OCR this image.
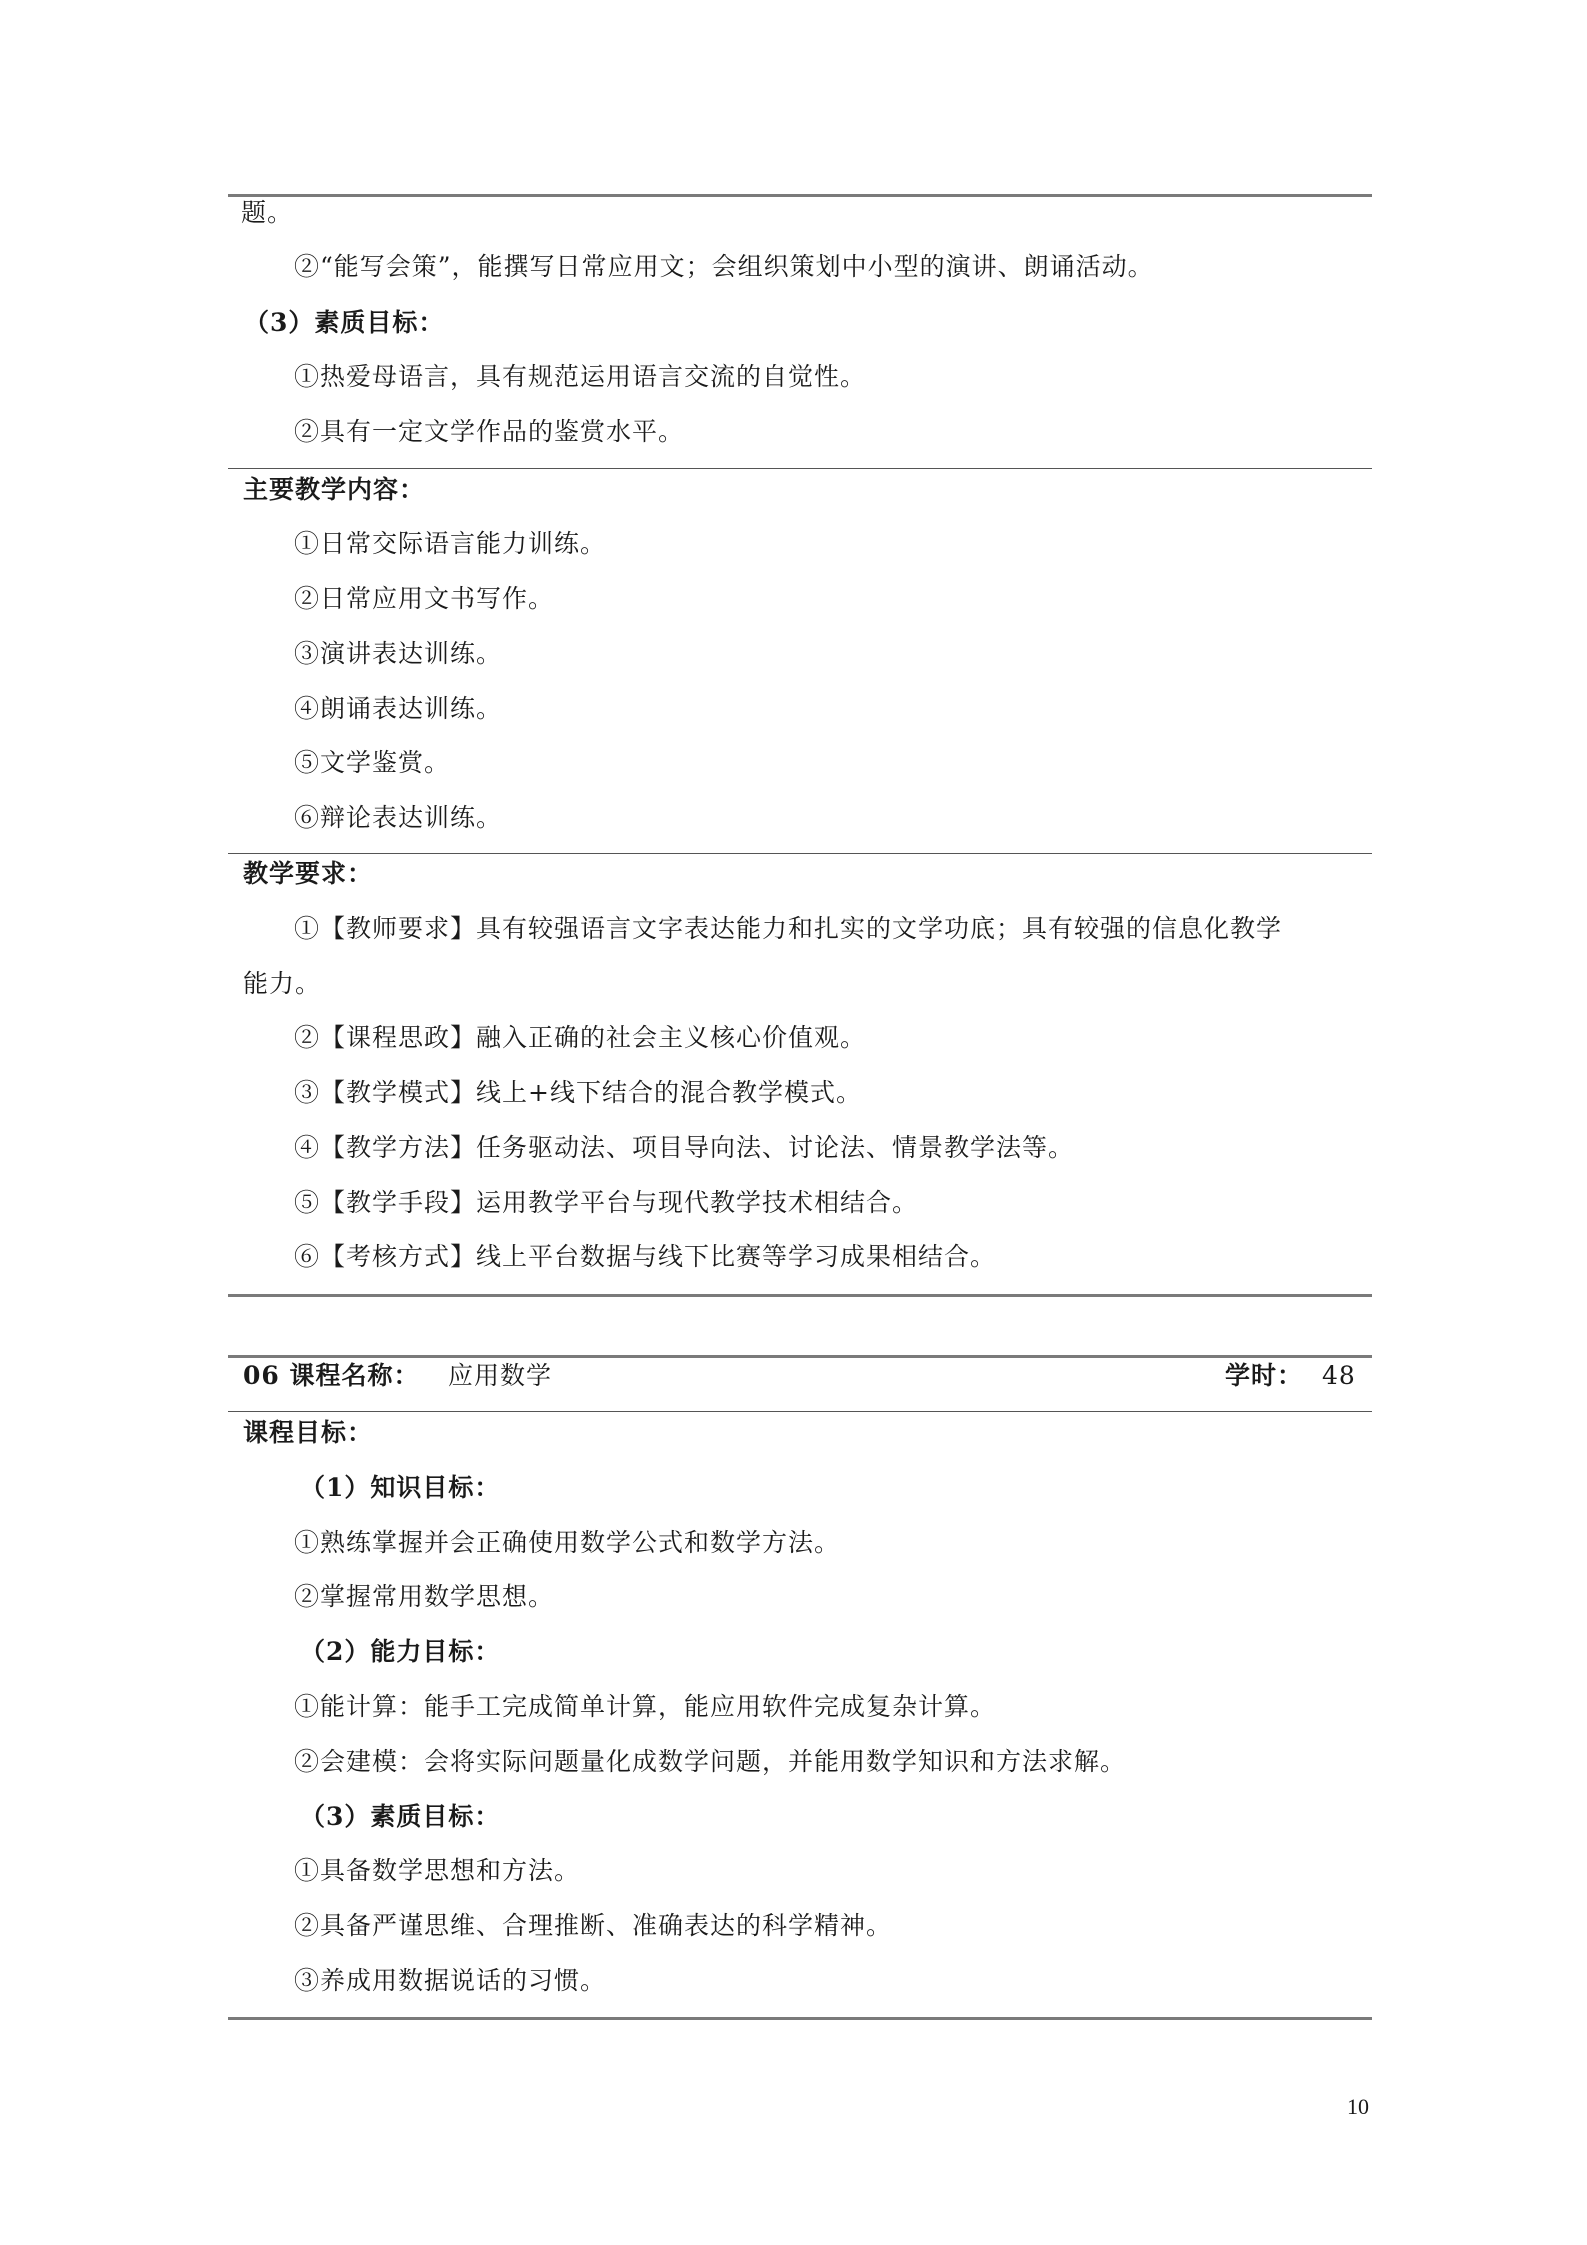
题。
②“能写会策”，能撰写日常应用文；会组织策划中小型的演讲、朗诵活动。
（3）素质目标：
①热爱母语言，具有规范运用语言交流的自觉性。
②具有一定文学作品的鉴赏水平。
主要教学内容：
①日常交际语言能力训练。
②日常应用文书写作。
③演讲表达训练。
④朗诵表达训练。
⑤文学鉴赏。
⑥辩论表达训练。
教学要求：
①【教师要求】具有较强语言文字表达能力和扎实的文学功底；具有较强的信息化教学
能力。
②【课程思政】融入正确的社会主义核心价值观。
③【教学模式】线上+线下结合的混合教学模式。
④【教学方法】任务驱动法、项目导向法、讨论法、情景教学法等。
⑤【教学手段】运用教学平台与现代教学技术相结合。
⑥【考核方式】线上平台数据与线下比赛等学习成果相结合。
06 课程名称： 应用数学	学时： 48
课程目标：
（1）知识目标：
①熟练掌握并会正确使用数学公式和数学方法。
②掌握常用数学思想。
（2）能力目标：
①能计算：能手工完成简单计算，能应用软件完成复杂计算。
②会建模：会将实际问题量化成数学问题，并能用数学知识和方法求解。
（3）素质目标：
①具备数学思想和方法。
②具备严谨思维、合理推断、准确表达的科学精神。
③养成用数据说话的习惯。
10
